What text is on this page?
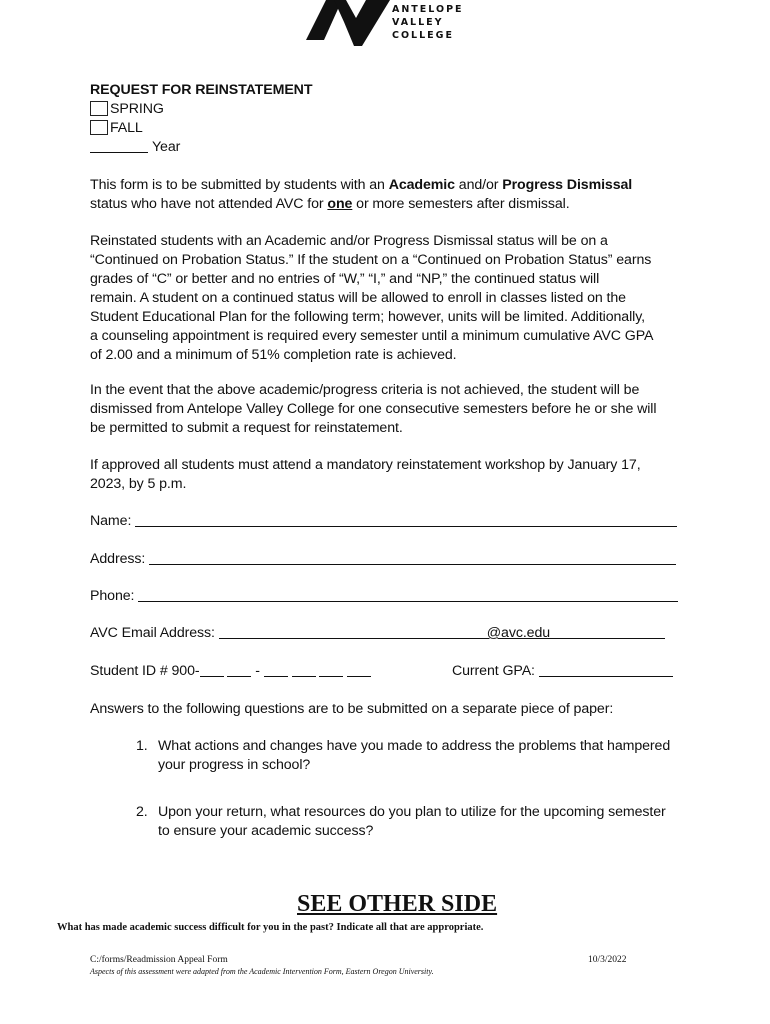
ANTELOPE
VALLEY
COLLEGE
REQUEST FOR REINSTATEMENT
SPRING
FALL
Year
This form is to be submitted by students with an Academic and/or Progress Dismissal
status who have not attended AVC for one or more semesters after dismissal.
Reinstated students with an Academic and/or Progress Dismissal status will be on a
“Continued on Probation Status.” If the student on a “Continued on Probation Status” earns
grades of “C” or better and no entries of “W,” “I,” and “NP,” the continued status will
remain. A student on a continued status will be allowed to enroll in classes listed on the
Student Educational Plan for the following term; however, units will be limited. Additionally,
a counseling appointment is required every semester until a minimum cumulative AVC GPA
of 2.00 and a minimum of 51% completion rate is achieved.
In the event that the above academic/progress criteria is not achieved, the student will be
dismissed from Antelope Valley College for one consecutive semesters before he or she will
be permitted to submit a request for reinstatement.
If approved all students must attend a mandatory reinstatement workshop by January 17,
2023, by 5 p.m.
Name:
Address:
Phone:
AVC Email Address:	@avc.edu
Student ID # 900-	-	Current GPA:
Answers to the following questions are to be submitted on a separate piece of paper:
1. What actions and changes have you made to address the problems that hampered
your progress in school?
2. Upon your return, what resources do you plan to utilize for the upcoming semester
to ensure your academic success?
SEE OTHER SIDE
What has made academic success difficult for you in the past? Indicate all that are appropriate.
C:/forms/Readmission Appeal Form	10/3/2022
Aspects of this assessment were adapted from the Academic Intervention Form, Eastern Oregon University.
